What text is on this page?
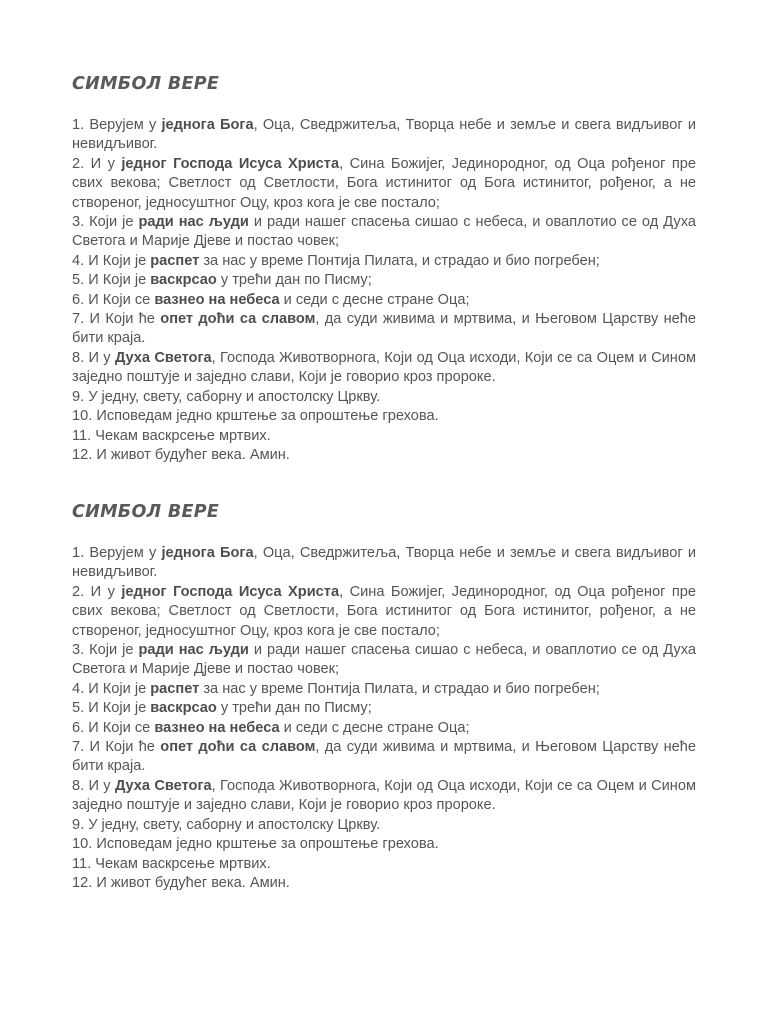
СИМБОЛ ВЕРЕ
1. Верујем у једнога Бога, Оца, Сведржитеља, Творца небе и земље и свега видљивог и невидљивог.
2. И у једног Господа Исуса Христа, Сина Божијег, Јединородног, од Оца рођеног пре свих векова; Светлост од Светлости, Бога истинитог од Бога истинитог, рођеног, а не створеног, једносуштног Оцу, кроз кога је све постало;
3. Који је ради нас људи и ради нашег спасења сишао с небеса, и оваплотио се од Духа Светога и Марије Дјеве и постао човек;
4. И Који је распет за нас у време Понтија Пилата, и страдао и био погребен;
5. И Који је васкрсао у трећи дан по Писму;
6. И Који се вазнео на небеса и седи с десне стране Оца;
7. И Који ће опет доћи са славом, да суди живима и мртвима, и Његовом Царству неће бити краја.
8. И у Духа Светога, Господа Животворнога, Који од Оца исходи, Који се са Оцем и Сином заједно поштује и заједно слави, Који је говорио кроз пророке.
9. У једну, свету, саборну и апостолску Цркву.
10. Исповедам једно крштење за опроштење грехова.
11. Чекам васкрсење мртвих.
12. И живот будућег века. Амин.
СИМБОЛ ВЕРЕ
1. Верујем у једнога Бога, Оца, Сведржитеља, Творца небе и земље и свега видљивог и невидљивог.
2. И у једног Господа Исуса Христа, Сина Божијег, Јединородног, од Оца рођеног пре свих векова; Светлост од Светлости, Бога истинитог од Бога истинитог, рођеног, а не створеног, једносуштног Оцу, кроз кога је све постало;
3. Који је ради нас људи и ради нашег спасења сишао с небеса, и оваплотио се од Духа Светога и Марије Дјеве и постао човек;
4. И Који је распет за нас у време Понтија Пилата, и страдао и био погребен;
5. И Који је васкрсао у трећи дан по Писму;
6. И Који се вазнео на небеса и седи с десне стране Оца;
7. И Који ће опет доћи са славом, да суди живима и мртвима, и Његовом Царству неће бити краја.
8. И у Духа Светога, Господа Животворнога, Који од Оца исходи, Који се са Оцем и Сином заједно поштује и заједно слави, Који је говорио кроз пророке.
9. У једну, свету, саборну и апостолску Цркву.
10. Исповедам једно крштење за опроштење грехова.
11. Чекам васкрсење мртвих.
12. И живот будућег века. Амин.
